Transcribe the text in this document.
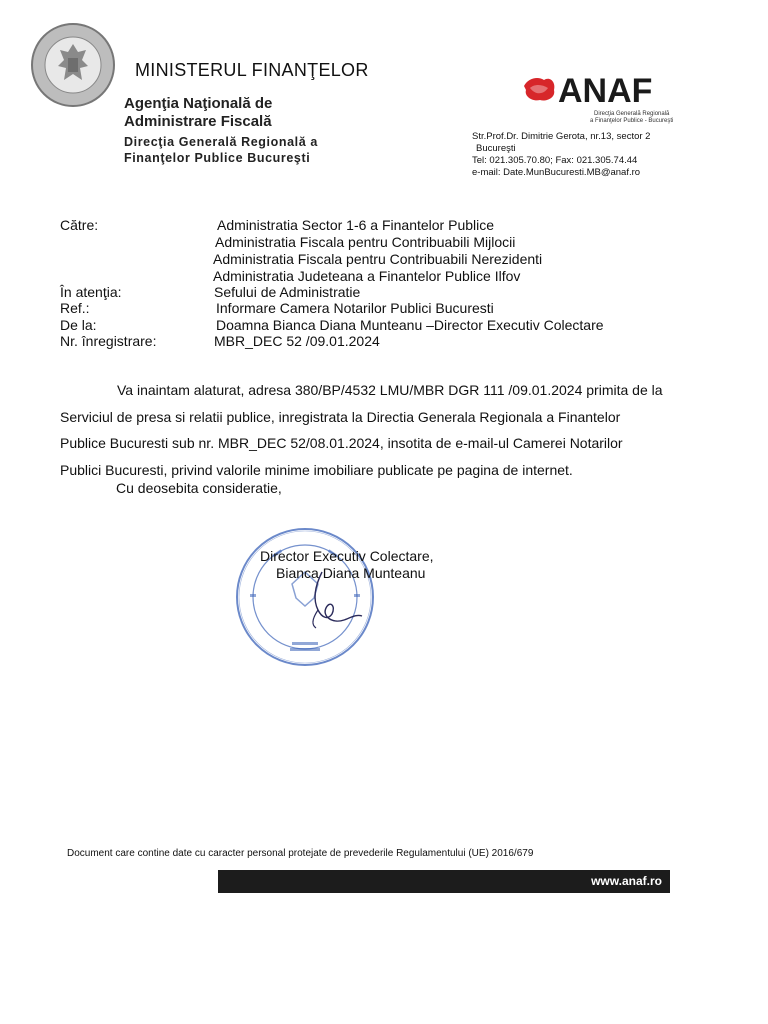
MINISTERUL FINANŢELOR
Agenţia Naţională de
Administrare Fiscală
Direcţia Generală Regională a
Finanţelor Publice Bucureşti
ANAF
Direcţia Generală Regională
a Finanţelor Publice - Bucureşti
Str.Prof.Dr. Dimitrie Gerota, nr.13, sector 2
Bucureşti
Tel: 021.305.70.80; Fax: 021.305.74.44
e-mail: Date.MunBucuresti.MB@anaf.ro
Către:	Administratia Sector 1-6 a Finantelor Publice
Administratia Fiscala pentru Contribuabili Mijlocii
Administratia Fiscala pentru Contribuabili Nerezidenti
Administratia Judeteana a Finantelor Publice Ilfov
În atenţia:	Sefului de Administratie
Ref.:	Informare Camera Notarilor Publici Bucuresti
De la:	Doamna Bianca Diana Munteanu –Director Executiv Colectare
Nr. înregistrare:	MBR_DEC 52 /09.01.2024
Va inaintam alaturat, adresa 380/BP/4532 LMU/MBR DGR 111 /09.01.2024 primita de la
Serviciul de presa si relatii publice, inregistrata la Directia Generala Regionala a Finantelor
Publice Bucuresti sub nr. MBR_DEC 52/08.01.2024, insotita de e-mail-ul Camerei Notarilor
Publici Bucuresti, privind valorile minime imobiliare publicate pe pagina de internet.
Cu deosebita consideratie,
Director Executiv Colectare,
Bianca Diana Munteanu
Document care contine date cu caracter personal protejate de prevederile Regulamentului (UE) 2016/679
www.anaf.ro
